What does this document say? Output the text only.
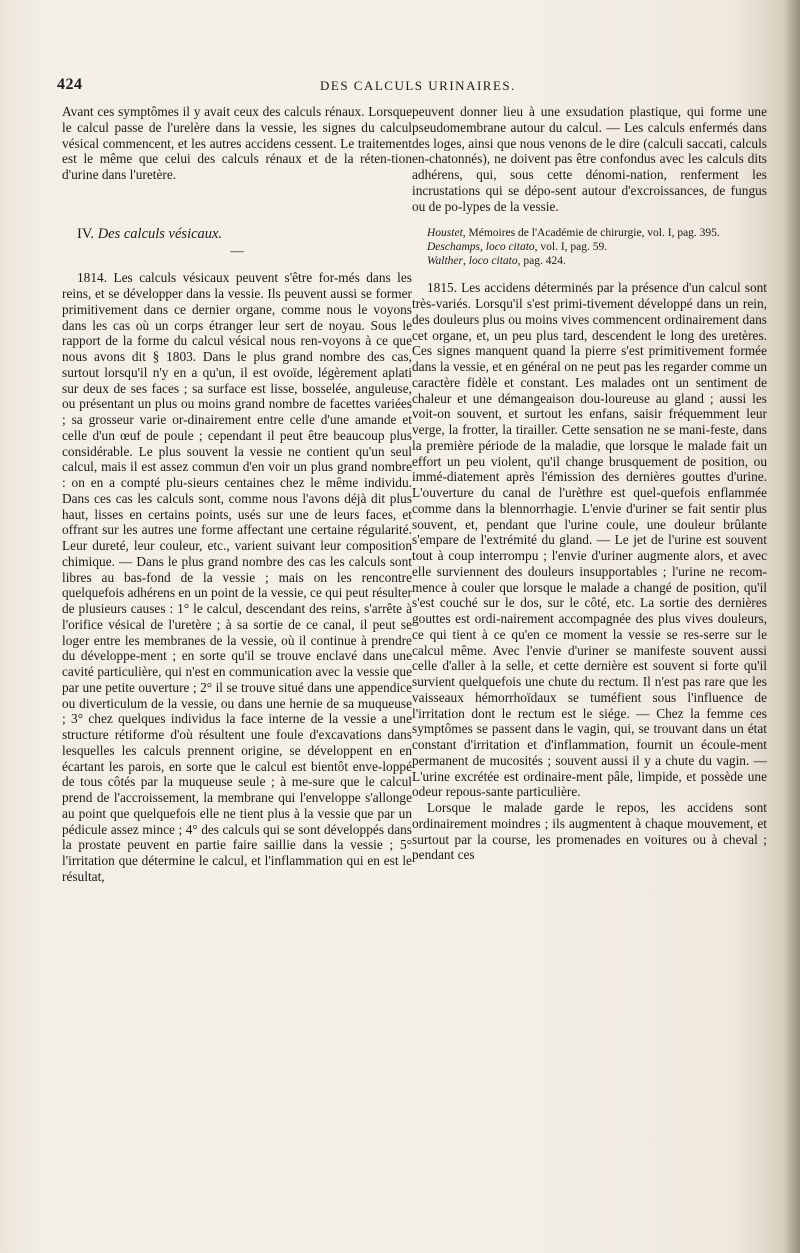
424	DES CALCULS URINAIRES.

Avant ces symptômes il y avait ceux des calculs rénaux. Lorsque le calcul passe de l'urelère dans la vessie, les signes du calcul vésical commencent, et les autres accidens cessent. Le traitement est le même que celui des calculs rénaux et de la réten-tion d'urine dans l'uretère.

IV. Des calculs vésicaux.

—

1814. Les calculs vésicaux peuvent s'être for-més dans les reins, et se développer dans la vessie. Ils peuvent aussi se former primitivement dans ce dernier organe, comme nous le voyons dans les cas où un corps étranger leur sert de noyau. Sous le rapport de la forme du calcul vésical nous ren-voyons à ce que nous avons dit § 1803. Dans le plus grand nombre des cas, surtout lorsqu'il n'y en a qu'un, il est ovoïde, légèrement aplati sur deux de ses faces ; sa surface est lisse, bosselée, anguleuse, ou présentant un plus ou moins grand nombre de facettes variées ; sa grosseur varie or-dinairement entre celle d'une amande et celle d'un œuf de poule ; cependant il peut être beaucoup plus considérable. Le plus souvent la vessie ne contient qu'un seul calcul, mais il est assez commun d'en voir un plus grand nombre : on en a compté plu-sieurs centaines chez le même individu. Dans ces cas les calculs sont, comme nous l'avons déjà dit plus haut, lisses en certains points, usés sur une de leurs faces, et offrant sur les autres une forme affectant une certaine régularité. Leur dureté, leur couleur, etc., varient suivant leur composition chimique. — Dans le plus grand nombre des cas les calculs sont libres au bas-fond de la vessie ; mais on les rencontre quelquefois adhérens en un point de la vessie, ce qui peut résulter de plusieurs causes : 1° le calcul, descendant des reins, s'arrête à l'orifice vésical de l'uretère ; à sa sortie de ce canal, il peut se loger entre les membranes de la vessie, où il continue à prendre du développe-ment ; en sorte qu'il se trouve enclavé dans une cavité particulière, qui n'est en communication avec la vessie que par une petite ouverture ; 2° il se trouve situé dans une appendice ou diverticulum de la vessie, ou dans une hernie de sa muqueuse ; 3° chez quelques individus la face interne de la vessie a une structure rétiforme d'où résultent une foule d'excavations dans lesquelles les calculs prennent origine, se développent en en écartant les parois, en sorte que le calcul est bientôt enve-loppé de tous côtés par la muqueuse seule ; à me-sure que le calcul prend de l'accroissement, la membrane qui l'enveloppe s'allonge au point que quelquefois elle ne tient plus à la vessie que par un pédicule assez mince ; 4° des calculs qui se sont développés dans la prostate peuvent en partie faire saillie dans la vessie ; 5° l'irritation que détermine le calcul, et l'inflammation qui en est le résultat,

peuvent donner lieu à une exsudation plastique, qui forme une pseudomembrane autour du calcul. — Les calculs enfermés dans des loges, ainsi que nous venons de le dire (calculi saccati, calculs en-chatonnés), ne doivent pas être confondus avec les calculs dits adhérens, qui, sous cette dénomi-nation, renferment les incrustations qui se dépo-sent autour d'excroissances, de fungus ou de po-lypes de la vessie.

Houstet, Mémoires de l'Académie de chirurgie, vol. I, pag. 395.

Deschamps, loco citato, vol. I, pag. 59.

Walther, loco citato, pag. 424.

1815. Les accidens déterminés par la présence d'un calcul sont très-variés. Lorsqu'il s'est primi-tivement développé dans un rein, des douleurs plus ou moins vives commencent ordinairement dans cet organe, et, un peu plus tard, descendent le long des uretères. Ces signes manquent quand la pierre s'est primitivement formée dans la vessie, et en général on ne peut pas les regarder comme un caractère fidèle et constant. Les malades ont un sentiment de chaleur et une démangeaison dou-loureuse au gland ; aussi les voit-on souvent, et surtout les enfans, saisir fréquemment leur verge, la frotter, la tirailler. Cette sensation ne se mani-feste, dans la première période de la maladie, que lorsque le malade fait un effort un peu violent, qu'il change brusquement de position, ou immé-diatement après l'émission des dernières gouttes d'urine. L'ouverture du canal de l'urèthre est quel-quefois enflammée comme dans la blennorrhagie. L'envie d'uriner se fait sentir plus souvent, et, pendant que l'urine coule, une douleur brûlante s'empare de l'extrémité du gland. — Le jet de l'urine est souvent tout à coup interrompu ; l'envie d'uriner augmente alors, et avec elle surviennent des douleurs insupportables ; l'urine ne recom-mence à couler que lorsque le malade a changé de position, qu'il s'est couché sur le dos, sur le côté, etc. La sortie des dernières gouttes est ordi-nairement accompagnée des plus vives douleurs, ce qui tient à ce qu'en ce moment la vessie se res-serre sur le calcul même. Avec l'envie d'uriner se manifeste souvent aussi celle d'aller à la selle, et cette dernière est souvent si forte qu'il survient quelquefois une chute du rectum. Il n'est pas rare que les vaisseaux hémorrhoïdaux se tuméfient sous l'influence de l'irritation dont le rectum est le siége. — Chez la femme ces symptômes se passent dans le vagin, qui, se trouvant dans un état constant d'irritation et d'inflammation, fournit un écoule-ment permanent de mucosités ; souvent aussi il y a chute du vagin. — L'urine excrétée est ordinaire-ment pâle, limpide, et possède une odeur repous-sante particulière.

Lorsque le malade garde le repos, les accidens sont ordinairement moindres ; ils augmentent à chaque mouvement, et surtout par la course, les promenades en voitures ou à cheval ; pendant ces
